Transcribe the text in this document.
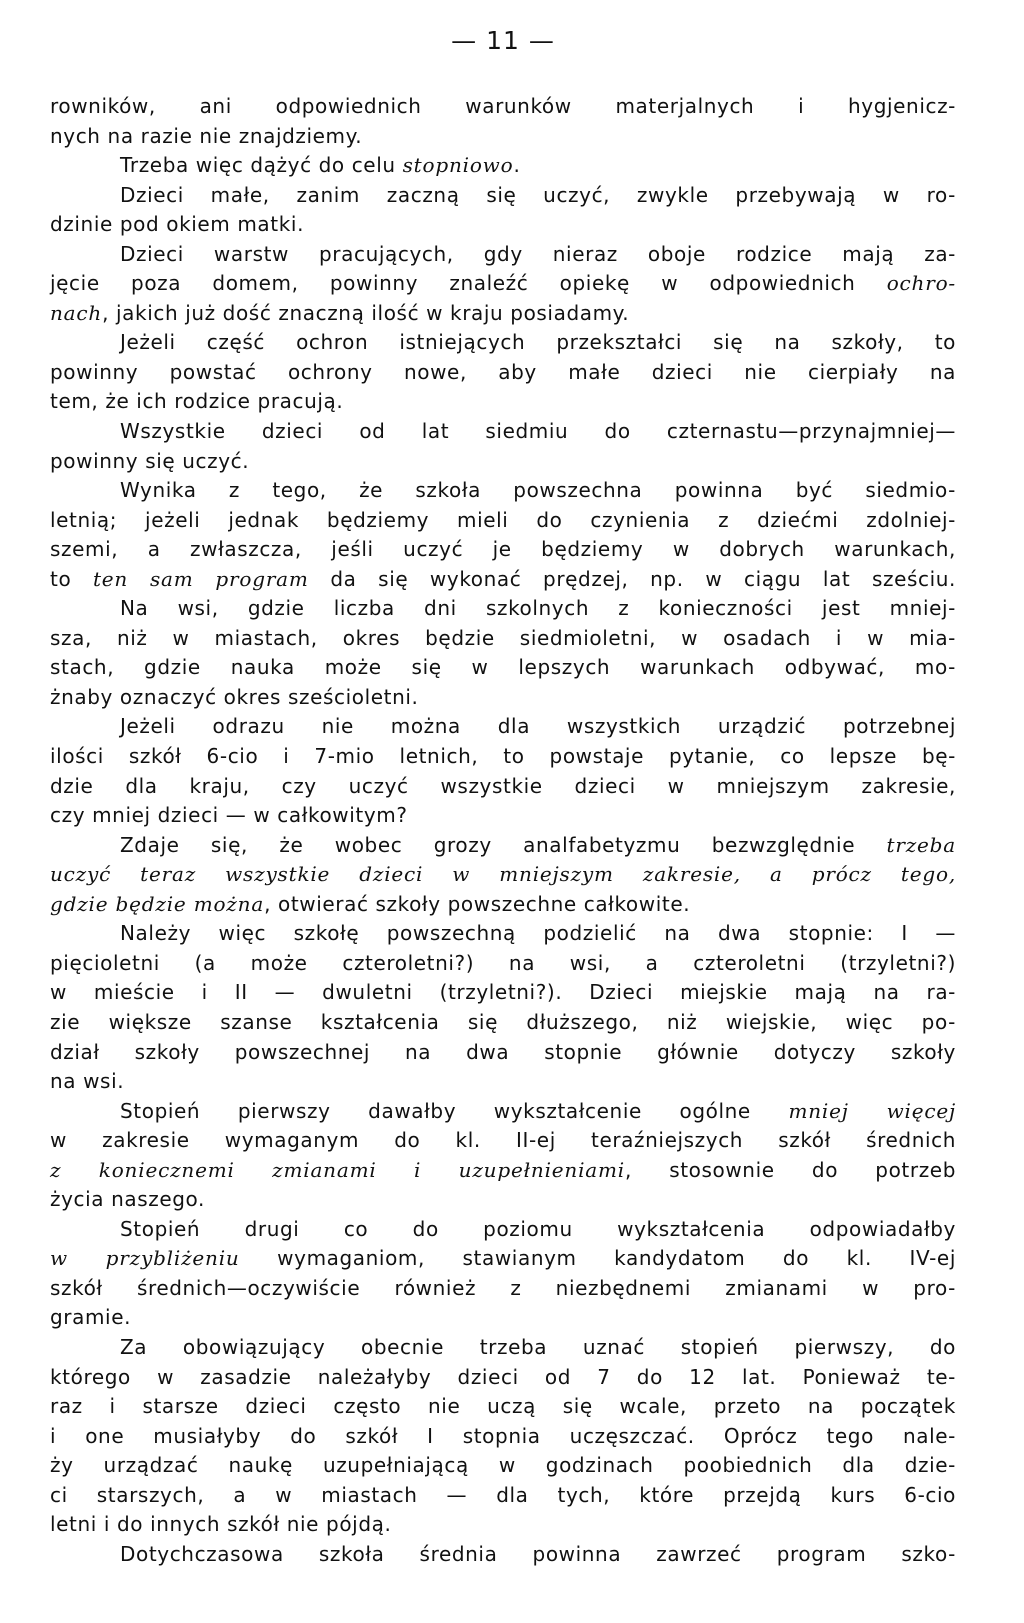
— 11 —
rowników, ani odpowiednich warunków materjalnych i hygjenicz-
nych na razie nie znajdziemy.
Trzeba więc dążyć do celu stopniowo.
Dzieci małe, zanim zaczną się uczyć, zwykle przebywają w ro-
dzinie pod okiem matki.
Dzieci warstw pracujących, gdy nieraz oboje rodzice mają za-
jęcie poza domem, powinny znaleźć opiekę w odpowiednich ochro-
nach, jakich już dość znaczną ilość w kraju posiadamy.
Jeżeli część ochron istniejących przekształci się na szkoły, to
powinny powstać ochrony nowe, aby małe dzieci nie cierpiały na
tem, że ich rodzice pracują.
Wszystkie dzieci od lat siedmiu do czternastu—przynajmniej—
powinny się uczyć.
Wynika z tego, że szkoła powszechna powinna być siedmio-
letnią; jeżeli jednak będziemy mieli do czynienia z dziećmi zdolniej-
szemi, a zwłaszcza, jeśli uczyć je będziemy w dobrych warunkach,
to ten sam program da się wykonać prędzej, np. w ciągu lat sześciu.
Na wsi, gdzie liczba dni szkolnych z konieczności jest mniej-
sza, niż w miastach, okres będzie siedmioletni, w osadach i w mia-
stach, gdzie nauka może się w lepszych warunkach odbywać, mo-
żnaby oznaczyć okres sześcioletni.
Jeżeli odrazu nie można dla wszystkich urządzić potrzebnej
ilości szkół 6-cio i 7-mio letnich, to powstaje pytanie, co lepsze bę-
dzie dla kraju, czy uczyć wszystkie dzieci w mniejszym zakresie,
czy mniej dzieci — w całkowitym?
Zdaje się, że wobec grozy analfabetyzmu bezwzględnie trzeba
uczyć teraz wszystkie dzieci w mniejszym zakresie, a prócz tego,
gdzie będzie można, otwierać szkoły powszechne całkowite.
Należy więc szkołę powszechną podzielić na dwa stopnie: I —
pięcioletni (a może czteroletni?) na wsi, a czteroletni (trzyletni?)
w mieście i II — dwuletni (trzyletni?). Dzieci miejskie mają na ra-
zie większe szanse kształcenia się dłuższego, niż wiejskie, więc po-
dział szkoły powszechnej na dwa stopnie głównie dotyczy szkoły
na wsi.
Stopień pierwszy dawałby wykształcenie ogólne mniej więcej
w zakresie wymaganym do kl. II-ej teraźniejszych szkół średnich
z koniecznemi zmianami i uzupełnieniami, stosownie do potrzeb
życia naszego.
Stopień drugi co do poziomu wykształcenia odpowiadałby
w przybliżeniu wymaganiom, stawianym kandydatom do kl. IV-ej
szkół średnich—oczywiście również z niezbędnemi zmianami w pro-
gramie.
Za obowiązujący obecnie trzeba uznać stopień pierwszy, do
którego w zasadzie należałyby dzieci od 7 do 12 lat. Ponieważ te-
raz i starsze dzieci często nie uczą się wcale, przeto na początek
i one musiałyby do szkół I stopnia uczęszczać. Oprócz tego nale-
ży urządzać naukę uzupełniającą w godzinach poobiednich dla dzie-
ci starszych, a w miastach — dla tych, które przejdą kurs 6-cio
letni i do innych szkół nie pójdą.
Dotychczasowa szkoła średnia powinna zawrzeć program szko-
